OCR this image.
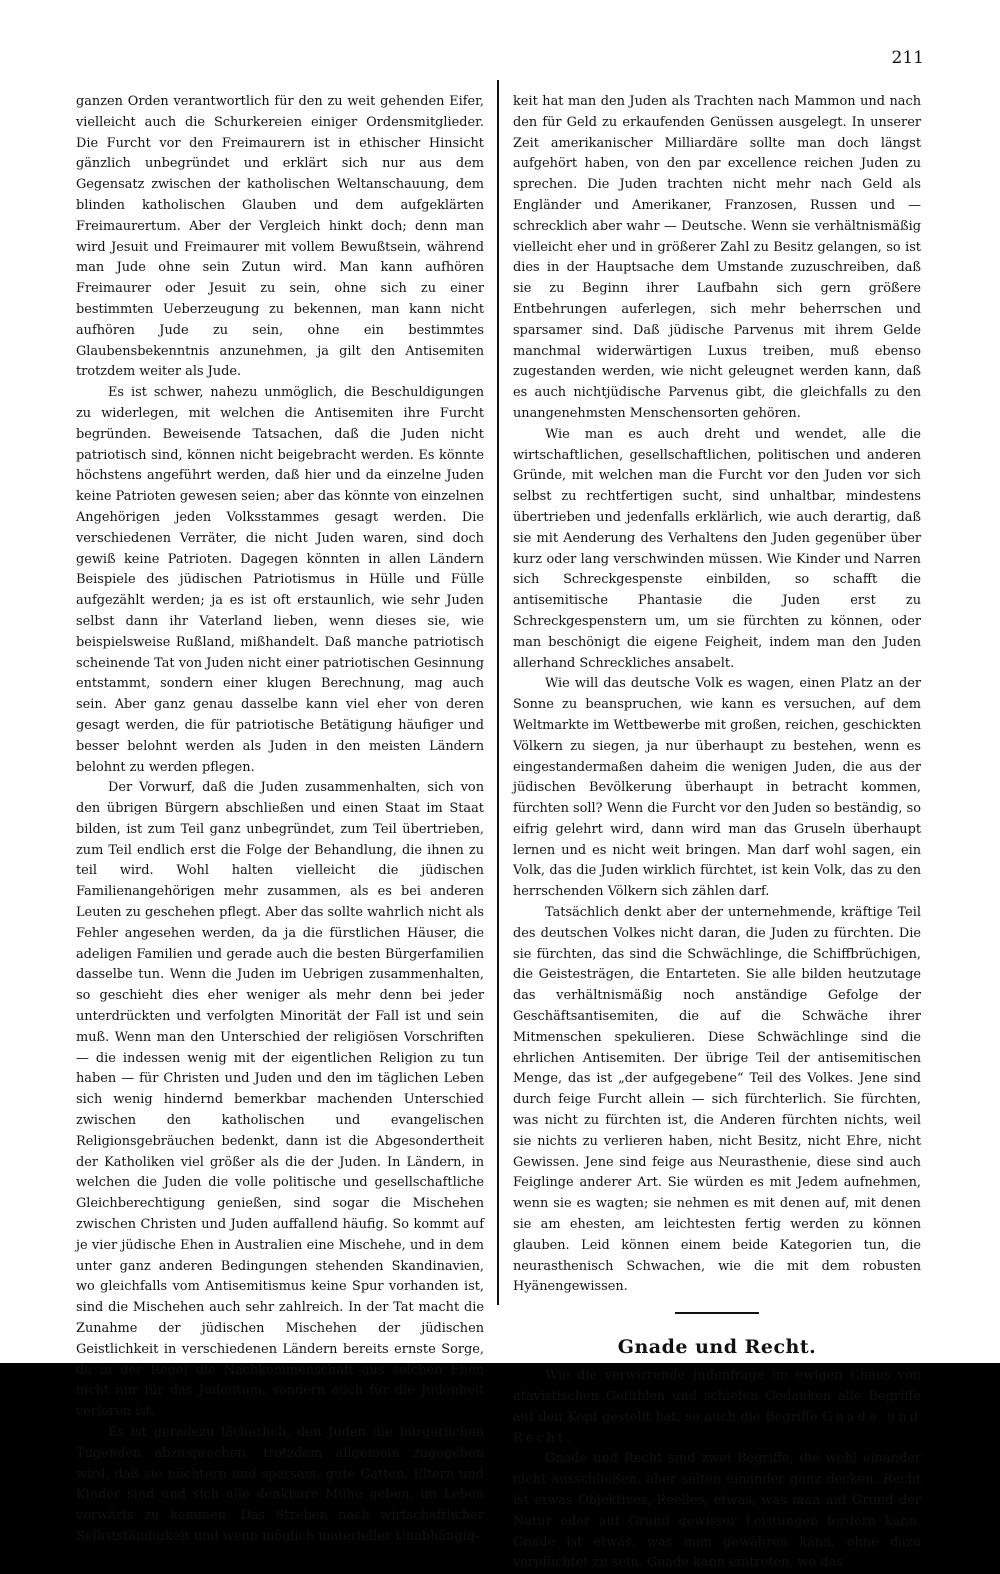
211

ganzen Orden verantwortlich für den zu weit gehenden Eifer, vielleicht auch die Schurkereien einiger Ordensmitglieder. Die Furcht vor den Freimaurern ist in ethischer Hinsicht gänzlich unbegründet und erklärt sich nur aus dem Gegensatz zwischen der katholischen Weltanschauung, dem blinden katholischen Glauben und dem aufgeklärten Freimaurertum. Aber der Vergleich hinkt doch; denn man wird Jesuit und Freimaurer mit vollem Bewußtsein, während man Jude ohne sein Zutun wird. Man kann aufhören Freimaurer oder Jesuit zu sein, ohne sich zu einer bestimmten Ueberzeugung zu bekennen, man kann nicht aufhören Jude zu sein, ohne ein bestimmtes Glaubensbekenntnis anzunehmen, ja gilt den Antisemiten trotzdem weiter als Jude.

Es ist schwer, nahezu unmöglich, die Beschuldigungen zu widerlegen, mit welchen die Antisemiten ihre Furcht begründen. Beweisende Tatsachen, daß die Juden nicht patriotisch sind, können nicht beigebracht werden. Es könnte höchstens angeführt werden, daß hier und da einzelne Juden keine Patrioten gewesen seien; aber das könnte von einzelnen Angehörigen jeden Volksstammes gesagt werden. Die verschiedenen Verräter, die nicht Juden waren, sind doch gewiß keine Patrioten. Dagegen könnten in allen Ländern Beispiele des jüdischen Patriotismus in Hülle und Fülle aufgezählt werden; ja es ist oft erstaunlich, wie sehr Juden selbst dann ihr Vaterland lieben, wenn dieses sie, wie beispielsweise Rußland, mißhandelt. Daß manche patriotisch scheinende Tat von Juden nicht einer patriotischen Gesinnung entstammt, sondern einer klugen Berechnung, mag auch sein. Aber ganz genau dasselbe kann viel eher von deren gesagt werden, die für patriotische Betätigung häufiger und besser belohnt werden als Juden in den meisten Ländern belohnt zu werden pflegen.

Der Vorwurf, daß die Juden zusammenhalten, sich von den übrigen Bürgern abschließen und einen Staat im Staat bilden, ist zum Teil ganz unbegründet, zum Teil übertrieben, zum Teil endlich erst die Folge der Behandlung, die ihnen zu teil wird. Wohl halten vielleicht die jüdischen Familienangehörigen mehr zusammen, als es bei anderen Leuten zu geschehen pflegt. Aber das sollte wahrlich nicht als Fehler angesehen werden, da ja die fürstlichen Häuser, die adeligen Familien und gerade auch die besten Bürgerfamilien dasselbe tun. Wenn die Juden im Uebrigen zusammenhalten, so geschieht dies eher weniger als mehr denn bei jeder unterdrückten und verfolgten Minorität der Fall ist und sein muß. Wenn man den Unterschied der religiösen Vorschriften — die indessen wenig mit der eigentlichen Religion zu tun haben — für Christen und Juden und den im täglichen Leben sich wenig hindernd bemerkbar machenden Unterschied zwischen den katholischen und evangelischen Religionsgebräuchen bedenkt, dann ist die Abgesondertheit der Katholiken viel größer als die der Juden. In Ländern, in welchen die Juden die volle politische und gesellschaftliche Gleichberechtigung genießen, sind sogar die Mischehen zwischen Christen und Juden auffallend häufig. So kommt auf je vier jüdische Ehen in Australien eine Mischehe, und in dem unter ganz anderen Bedingungen stehenden Skandinavien, wo gleichfalls vom Antisemitismus keine Spur vorhanden ist, sind die Mischehen auch sehr zahlreich. In der Tat macht die Zunahme der jüdischen Mischehen der jüdischen Geistlichkeit in verschiedenen Ländern bereits ernste Sorge, da in der Regel die Nachkommenschaft aus solchen Ehen nicht nur für das Judentum, sondern auch für die Judenheit verloren ist.

Es ist geradezu lächerlich, den Juden die bürgerlichen Tugenden abzusprechen, trotzdem allgemein zugegeben wird, daß sie nüchtern und sparsam, gute Gatten, Eltern und Kinder sind und sich alle denkbare Mühe geben, im Leben vorwärts zu kommen. Das Streben nach wirtschaftlicher Selbstständigkeit und wenn möglich materieller Unabhängig-

keit hat man den Juden als Trachten nach Mammon und nach den für Geld zu erkaufenden Genüssen ausgelegt. In unserer Zeit amerikanischer Milliardäre sollte man doch längst aufgehört haben, von den par excellence reichen Juden zu sprechen. Die Juden trachten nicht mehr nach Geld als Engländer und Amerikaner, Franzosen, Russen und — schrecklich aber wahr — Deutsche. Wenn sie verhältnismäßig vielleicht eher und in größerer Zahl zu Besitz gelangen, so ist dies in der Hauptsache dem Umstande zuzuschreiben, daß sie zu Beginn ihrer Laufbahn sich gern größere Entbehrungen auferlegen, sich mehr beherrschen und sparsamer sind. Daß jüdische Parvenus mit ihrem Gelde manchmal widerwärtigen Luxus treiben, muß ebenso zugestanden werden, wie nicht geleugnet werden kann, daß es auch nichtjüdische Parvenus gibt, die gleichfalls zu den unangenehmsten Menschensorten gehören.

Wie man es auch dreht und wendet, alle die wirtschaftlichen, gesellschaftlichen, politischen und anderen Gründe, mit welchen man die Furcht vor den Juden vor sich selbst zu rechtfertigen sucht, sind unhaltbar, mindestens übertrieben und jedenfalls erklärlich, wie auch derartig, daß sie mit Aenderung des Verhaltens den Juden gegenüber über kurz oder lang verschwinden müssen. Wie Kinder und Narren sich Schreckgespenste einbilden, so schafft die antisemitische Phantasie die Juden erst zu Schreckgespenstern um, um sie fürchten zu können, oder man beschönigt die eigene Feigheit, indem man den Juden allerhand Schreckliches ansabelt.

Wie will das deutsche Volk es wagen, einen Platz an der Sonne zu beanspruchen, wie kann es versuchen, auf dem Weltmarkte im Wettbewerbe mit großen, reichen, geschickten Völkern zu siegen, ja nur überhaupt zu bestehen, wenn es eingestandermaßen daheim die wenigen Juden, die aus der jüdischen Bevölkerung überhaupt in betracht kommen, fürchten soll? Wenn die Furcht vor den Juden so beständig, so eifrig gelehrt wird, dann wird man das Gruseln überhaupt lernen und es nicht weit bringen. Man darf wohl sagen, ein Volk, das die Juden wirklich fürchtet, ist kein Volk, das zu den herrschenden Völkern sich zählen darf.

Tatsächlich denkt aber der unternehmende, kräftige Teil des deutschen Volkes nicht daran, die Juden zu fürchten. Die sie fürchten, das sind die Schwächlinge, die Schiffbrüchigen, die Geistesträgen, die Entarteten. Sie alle bilden heutzutage das verhältnismäßig noch anständige Gefolge der Geschäftsantisemiten, die auf die Schwäche ihrer Mitmenschen spekulieren. Diese Schwächlinge sind die ehrlichen Antisemiten. Der übrige Teil der antisemitischen Menge, das ist „der aufgegebene“ Teil des Volkes. Jene sind durch feige Furcht allein — sich fürchterlich. Sie fürchten, was nicht zu fürchten ist, die Anderen fürchten nichts, weil sie nichts zu verlieren haben, nicht Besitz, nicht Ehre, nicht Gewissen. Jene sind feige aus Neurasthenie, diese sind auch Feiglinge anderer Art. Sie würden es mit Jedem aufnehmen, wenn sie es wagten; sie nehmen es mit denen auf, mit denen sie am ehesten, am leichtesten fertig werden zu können glauben. Leid können einem beide Kategorien tun, die neurasthenisch Schwachen, wie die mit dem robusten Hyänengewissen.

Gnade und Recht.

Wie die verwirrende Judenfrage im ewigen Chaos von atavistischen Gefühlen und schiefen Gedanken alle Begriffe auf den Kopf gestellt hat, so auch die Begriffe Gnade und Recht.

Gnade und Recht sind zwei Begriffe, die wohl einander nicht ausschließen, aber selten einander ganz decken. Recht ist etwas Objektives, Reelles, etwas, was man auf Grund der Natur oder auf Grund gewisser Leistungen fordern kann. Gnade ist etwas, was man gewähren kann, ohne dazu verpflichtet zu sein. Gnade kann eintreten, wo das
